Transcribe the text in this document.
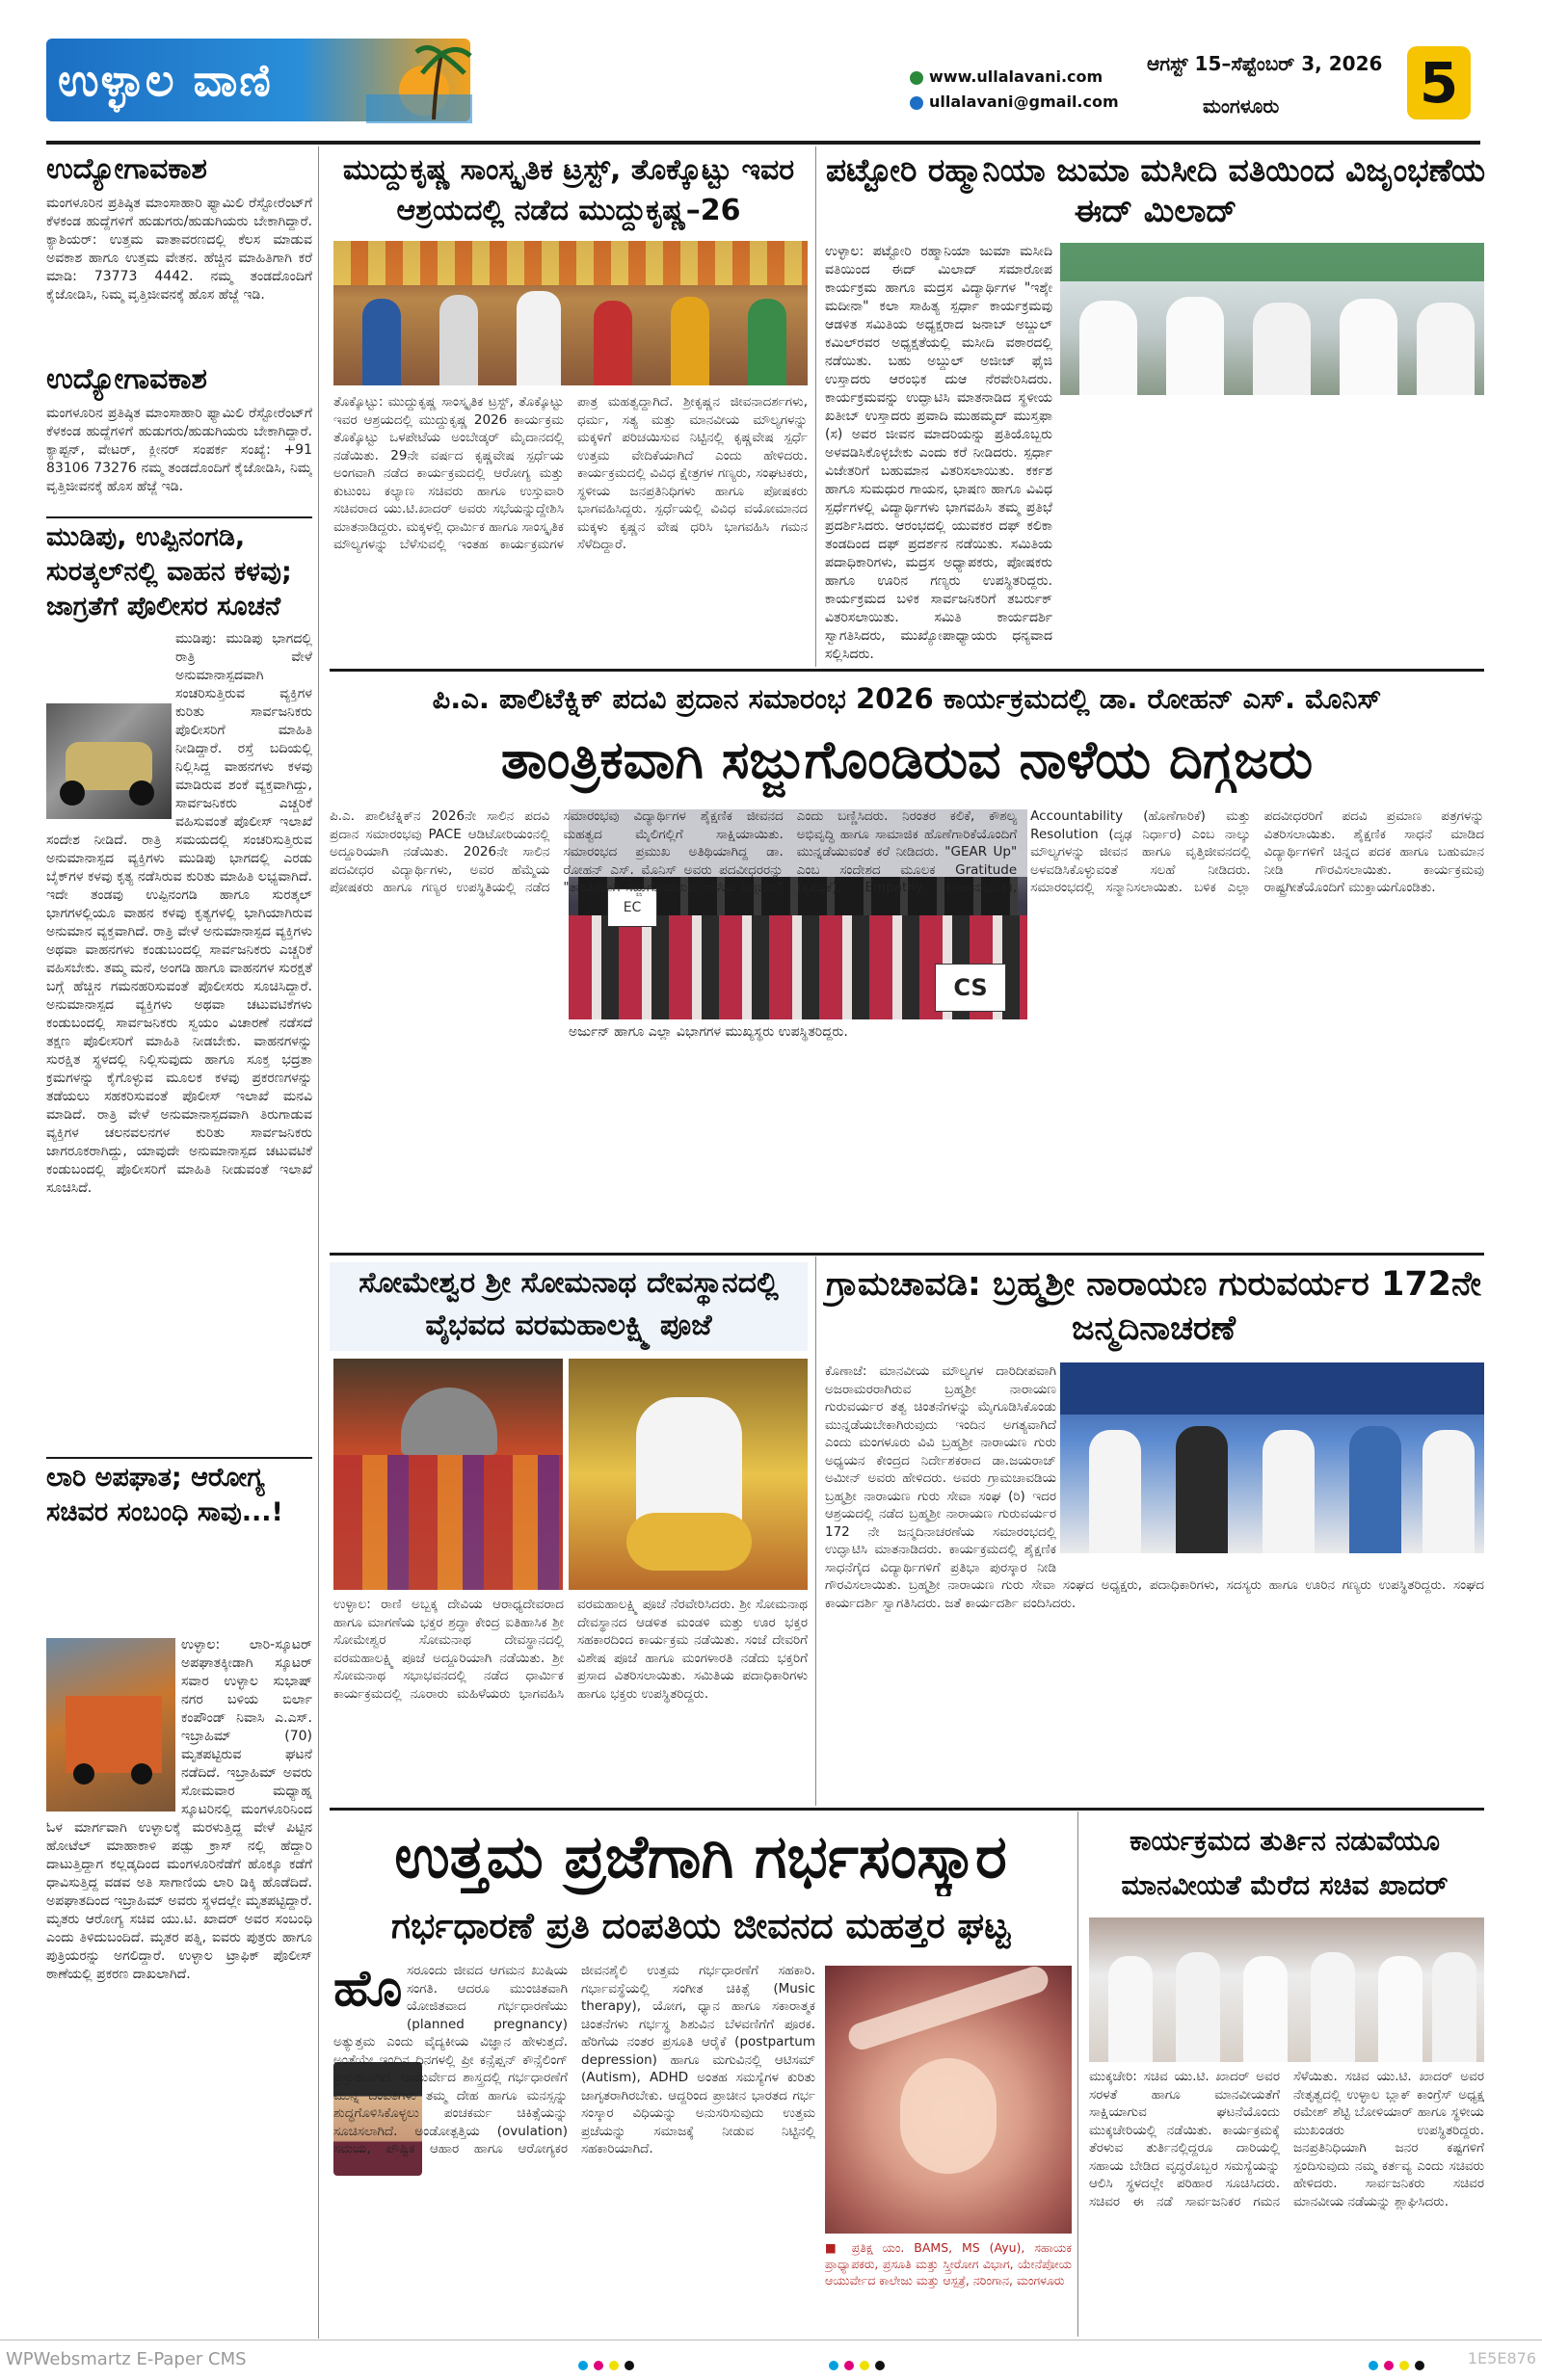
ಉಳ್ಳಾಲ ವಾಣಿ	www.ullalavani.com
ullalavani@gmail.com
ಆಗಸ್ಟ್ 15–ಸೆಪ್ಟೆಂಬರ್ 3, 2026
ಮಂಗಳೂರು	5
ಉದ್ಯೋಗಾವಕಾಶ
ಮಂಗಳೂರಿನ ಪ್ರತಿಷ್ಠಿತ ಮಾಂಸಾಹಾರಿ ಫ್ಯಾಮಿಲಿ ರೆಸ್ಟೋರೆಂಟ್‌ಗೆ ಕೆಳಕಂಡ ಹುದ್ದೆಗಳಿಗೆ ಹುಡುಗರು/ಹುಡುಗಿಯರು ಬೇಕಾಗಿದ್ದಾರೆ. ಕ್ಯಾಶಿಯರ್: ಉತ್ತಮ ವಾತಾವರಣದಲ್ಲಿ ಕೆಲಸ ಮಾಡುವ ಅವಕಾಶ ಹಾಗೂ ಉತ್ತಮ ವೇತನ. ಹೆಚ್ಚಿನ ಮಾಹಿತಿಗಾಗಿ ಕರೆ ಮಾಡಿ: 73773 4442. ನಮ್ಮ ತಂಡದೊಂದಿಗೆ ಕೈಜೋಡಿಸಿ, ನಿಮ್ಮ ವೃತ್ತಿಜೀವನಕ್ಕೆ ಹೊಸ ಹೆಜ್ಜೆ ಇಡಿ.
ಉದ್ಯೋಗಾವಕಾಶ
ಮಂಗಳೂರಿನ ಪ್ರತಿಷ್ಠಿತ ಮಾಂಸಾಹಾರಿ ಫ್ಯಾಮಿಲಿ ರೆಸ್ಟೋರೆಂಟ್‌ಗೆ ಕೆಳಕಂಡ ಹುದ್ದೆಗಳಿಗೆ ಹುಡುಗರು/ಹುಡುಗಿಯರು ಬೇಕಾಗಿದ್ದಾರೆ. ಕ್ಯಾಪ್ಟನ್, ವೇಟರ್, ಕ್ಲೀನರ್ ಸಂಪರ್ಕ ಸಂಖ್ಯೆ: +91 83106 73276 ನಮ್ಮ ತಂಡದೊಂದಿಗೆ ಕೈಜೋಡಿಸಿ, ನಿಮ್ಮ ವೃತ್ತಿಜೀವನಕ್ಕೆ ಹೊಸ ಹೆಜ್ಜೆ ಇಡಿ.
ಮುಡಿಪು, ಉಪ್ಪಿನಂಗಡಿ, ಸುರತ್ಕಲ್‌ನಲ್ಲಿ ವಾಹನ ಕಳವು; ಜಾಗ್ರತೆಗೆ ಪೊಲೀಸರ ಸೂಚನೆ
ಮುಡಿಪು: ಮುಡಿಪು ಭಾಗದಲ್ಲಿ ರಾತ್ರಿ ವೇಳೆ ಅನುಮಾನಾಸ್ಪದವಾಗಿ ಸಂಚರಿಸುತ್ತಿರುವ ವ್ಯಕ್ತಿಗಳ ಕುರಿತು ಸಾರ್ವಜನಿಕರು ಪೊಲೀಸರಿಗೆ ಮಾಹಿತಿ ನೀಡಿದ್ದಾರೆ. ರಸ್ತೆ ಬದಿಯಲ್ಲಿ ನಿಲ್ಲಿಸಿದ್ದ ವಾಹನಗಳು ಕಳವು ಮಾಡಿರುವ ಶಂಕೆ ವ್ಯಕ್ತವಾಗಿದ್ದು, ಸಾರ್ವಜನಿಕರು ಎಚ್ಚರಿಕೆ ವಹಿಸುವಂತೆ ಪೊಲೀಸ್ ಇಲಾಖೆ ಸಂದೇಶ ನೀಡಿದೆ. ರಾತ್ರಿ ಸಮಯದಲ್ಲಿ ಸಂಚರಿಸುತ್ತಿರುವ ಅನುಮಾನಾಸ್ಪದ ವ್ಯಕ್ತಿಗಳು ಮುಡಿಪು ಭಾಗದಲ್ಲಿ ಎರಡು ಬೈಕ್‌ಗಳ ಕಳವು ಕೃತ್ಯ ನಡೆಸಿರುವ ಕುರಿತು ಮಾಹಿತಿ ಲಭ್ಯವಾಗಿದೆ. ಇದೇ ತಂಡವು ಉಪ್ಪಿನಂಗಡಿ ಹಾಗೂ ಸುರತ್ಕಲ್ ಭಾಗಗಳಲ್ಲಿಯೂ ವಾಹನ ಕಳವು ಕೃತ್ಯಗಳಲ್ಲಿ ಭಾಗಿಯಾಗಿರುವ ಅನುಮಾನ ವ್ಯಕ್ತವಾಗಿದೆ. ರಾತ್ರಿ ವೇಳೆ ಅನುಮಾನಾಸ್ಪದ ವ್ಯಕ್ತಿಗಳು ಅಥವಾ ವಾಹನಗಳು ಕಂಡುಬಂದಲ್ಲಿ ಸಾರ್ವಜನಿಕರು ಎಚ್ಚರಿಕೆ ವಹಿಸಬೇಕು. ತಮ್ಮ ಮನೆ, ಅಂಗಡಿ ಹಾಗೂ ವಾಹನಗಳ ಸುರಕ್ಷತೆ ಬಗ್ಗೆ ಹೆಚ್ಚಿನ ಗಮನಹರಿಸುವಂತೆ ಪೊಲೀಸರು ಸೂಚಿಸಿದ್ದಾರೆ. ಅನುಮಾನಾಸ್ಪದ ವ್ಯಕ್ತಿಗಳು ಅಥವಾ ಚಟುವಟಿಕೆಗಳು ಕಂಡುಬಂದಲ್ಲಿ ಸಾರ್ವಜನಿಕರು ಸ್ವಯಂ ವಿಚಾರಣೆ ನಡೆಸದೆ ತಕ್ಷಣ ಪೊಲೀಸರಿಗೆ ಮಾಹಿತಿ ನೀಡಬೇಕು. ವಾಹನಗಳನ್ನು ಸುರಕ್ಷಿತ ಸ್ಥಳದಲ್ಲಿ ನಿಲ್ಲಿಸುವುದು ಹಾಗೂ ಸೂಕ್ತ ಭದ್ರತಾ ಕ್ರಮಗಳನ್ನು ಕೈಗೊಳ್ಳುವ ಮೂಲಕ ಕಳವು ಪ್ರಕರಣಗಳನ್ನು ತಡೆಯಲು ಸಹಕರಿಸುವಂತೆ ಪೊಲೀಸ್ ಇಲಾಖೆ ಮನವಿ ಮಾಡಿದೆ. ರಾತ್ರಿ ವೇಳೆ ಅನುಮಾನಾಸ್ಪದವಾಗಿ ತಿರುಗಾಡುವ ವ್ಯಕ್ತಿಗಳ ಚಲನವಲನಗಳ ಕುರಿತು ಸಾರ್ವಜನಿಕರು ಜಾಗರೂಕರಾಗಿದ್ದು, ಯಾವುದೇ ಅನುಮಾನಾಸ್ಪದ ಚಟುವಟಿಕೆ ಕಂಡುಬಂದಲ್ಲಿ ಪೊಲೀಸರಿಗೆ ಮಾಹಿತಿ ನೀಡುವಂತೆ ಇಲಾಖೆ ಸೂಚಿಸಿದೆ.
ಲಾರಿ ಅಪಘಾತ; ಆರೋಗ್ಯ ಸಚಿವರ ಸಂಬಂಧಿ ಸಾವು...!
ಉಳ್ಳಾಲ: ಲಾರಿ-ಸ್ಕೂಟರ್ ಅಪಘಾತಕ್ಕೀಡಾಗಿ ಸ್ಕೂಟರ್ ಸವಾರ ಉಳ್ಳಾಲ ಸುಭಾಷ್ ನಗರ ಬಳಿಯ ಬಿರ್ಲಾ ಕಂಪೌಂಡ್ ನಿವಾಸಿ ಎ.ಎಸ್. ಇಬ್ರಾಹಿಮ್ (70) ಮೃತಪಟ್ಟಿರುವ ಘಟನೆ ನಡೆದಿದೆ. ಇಬ್ರಾಹಿಮ್ ಅವರು ಸೋಮವಾರ ಮಧ್ಯಾಹ್ನ ಸ್ಕೂಟರಿನಲ್ಲಿ ಮಂಗಳೂರಿನಿಂದ ಓಳ ಮಾರ್ಗವಾಗಿ ಉಳ್ಳಾಲಕ್ಕೆ ಮರಳುತ್ತಿದ್ದ ವೇಳೆ ಪಿಟ್ಟಿನ ಹೋಟೆಲ್ ಮಾಹಾಕಾಳಿ ಪಡ್ಪು ಕ್ರಾಸ್ ನಲ್ಲಿ ಹೆದ್ದಾರಿ ದಾಟುತ್ತಿದ್ದಾಗ ಕಲ್ಲಡ್ಕದಿಂದ ಮಂಗಳೂರಿನೆಡೆಗೆ ಹೊಕ್ಕೂ ಕಡೆಗೆ ಧಾವಿಸುತ್ತಿದ್ದ ವಡವ ಅತಿ ಸಾಗಾಣಿಯ ಲಾರಿ ಡಿಕ್ಕಿ ಹೊಡೆದಿದೆ. ಅಪಘಾತದಿಂದ ಇಬ್ರಾಹಿಮ್ ಅವರು ಸ್ಥಳದಲ್ಲೇ ಮೃತಪಟ್ಟಿದ್ದಾರೆ. ಮೃತರು ಆರೋಗ್ಯ ಸಚಿವ ಯು.ಟಿ. ಖಾದರ್ ಅವರ ಸಂಬಂಧಿ ಎಂದು ತಿಳಿದುಬಂದಿದೆ. ಮೃತರ ಪತ್ನಿ, ಐವರು ಪುತ್ರರು ಹಾಗೂ ಪುತ್ರಿಯರನ್ನು ಅಗಲಿದ್ದಾರೆ. ಉಳ್ಳಾಲ ಟ್ರಾಫಿಕ್ ಪೊಲೀಸ್ ಠಾಣೆಯಲ್ಲಿ ಪ್ರಕರಣ ದಾಖಲಾಗಿದೆ.
ಮುದ್ದುಕೃಷ್ಣ ಸಾಂಸ್ಕೃತಿಕ ಟ್ರಸ್ಟ್, ತೊಕ್ಕೊಟ್ಟು ಇವರ ಆಶ್ರಯದಲ್ಲಿ ನಡೆದ ಮುದ್ದುಕೃಷ್ಣ–26
ತೊಕ್ಕೊಟ್ಟು: ಮುದ್ದುಕೃಷ್ಣ ಸಾಂಸ್ಕೃತಿಕ ಟ್ರಸ್ಟ್, ತೊಕ್ಕೊಟ್ಟು ಇವರ ಆಶ್ರಯದಲ್ಲಿ ಮುದ್ದುಕೃಷ್ಣ 2026 ಕಾರ್ಯಕ್ರಮ ತೊಕ್ಕೊಟ್ಟು ಒಳಪೇಟೆಯ ಅಂಬೇಡ್ಕರ್ ಮೈದಾನದಲ್ಲಿ ನಡೆಯಿತು. 29ನೇ ವರ್ಷದ ಕೃಷ್ಣವೇಷ ಸ್ಪರ್ಧೆಯ ಅಂಗವಾಗಿ ನಡೆದ ಕಾರ್ಯಕ್ರಮದಲ್ಲಿ ಆರೋಗ್ಯ ಮತ್ತು ಕುಟುಂಬ ಕಲ್ಯಾಣ ಸಚಿವರು ಹಾಗೂ ಉಸ್ತುವಾರಿ ಸಚಿವರಾದ ಯು.ಟಿ.ಖಾದರ್ ಅವರು ಸಭೆಯನ್ನುದ್ದೇಶಿಸಿ ಮಾತನಾಡಿದ್ದರು. ಮಕ್ಕಳಲ್ಲಿ ಧಾರ್ಮಿಕ ಹಾಗೂ ಸಾಂಸ್ಕೃತಿಕ ಮೌಲ್ಯಗಳನ್ನು ಬೆಳೆಸುವಲ್ಲಿ ಇಂತಹ ಕಾರ್ಯಕ್ರಮಗಳ ಪಾತ್ರ ಮಹತ್ವದ್ದಾಗಿದೆ. ಶ್ರೀಕೃಷ್ಣನ ಜೀವನಾದರ್ಶಗಳು, ಧರ್ಮ, ಸತ್ಯ ಮತ್ತು ಮಾನವೀಯ ಮೌಲ್ಯಗಳನ್ನು ಮಕ್ಕಳಿಗೆ ಪರಿಚಯಿಸುವ ನಿಟ್ಟಿನಲ್ಲಿ ಕೃಷ್ಣವೇಷ ಸ್ಪರ್ಧೆ ಉತ್ತಮ ವೇದಿಕೆಯಾಗಿದೆ ಎಂದು ಹೇಳಿದರು. ಕಾರ್ಯಕ್ರಮದಲ್ಲಿ ವಿವಿಧ ಕ್ಷೇತ್ರಗಳ ಗಣ್ಯರು, ಸಂಘಟಕರು, ಸ್ಥಳೀಯ ಜನಪ್ರತಿನಿಧಿಗಳು ಹಾಗೂ ಪೋಷಕರು ಭಾಗವಹಿಸಿದ್ದರು. ಸ್ಪರ್ಧೆಯಲ್ಲಿ ವಿವಿಧ ವಯೋಮಾನದ ಮಕ್ಕಳು ಕೃಷ್ಣನ ವೇಷ ಧರಿಸಿ ಭಾಗವಹಿಸಿ ಗಮನ ಸೆಳೆದಿದ್ದಾರೆ.
ಪಟ್ಟೋರಿ ರಹ್ಮಾನಿಯಾ ಜುಮಾ ಮಸೀದಿ ವತಿಯಿಂದ ವಿಜೃಂಭಣೆಯ ಈದ್ ಮಿಲಾದ್
ಉಳ್ಳಾಲ: ಪಟ್ಟೋರಿ ರಹ್ಮಾನಿಯಾ ಜುಮಾ ಮಸೀದಿ ವತಿಯಿಂದ ಈದ್ ಮಿಲಾದ್ ಸಮಾರೋಪ ಕಾರ್ಯಕ್ರಮ ಹಾಗೂ ಮದ್ರಸ ವಿದ್ಯಾರ್ಥಿಗಳ "ಇಶ್ಕೇ ಮದೀನಾ" ಕಲಾ ಸಾಹಿತ್ಯ ಸ್ಪರ್ಧಾ ಕಾರ್ಯಕ್ರಮವು ಆಡಳಿತ ಸಮಿತಿಯ ಅಧ್ಯಕ್ಷರಾದ ಜನಾಬ್ ಅಬ್ದುಲ್ ಕಮಿಲ್‌ರವರ ಅಧ್ಯಕ್ಷತೆಯಲ್ಲಿ ಮಸೀದಿ ವಠಾರದಲ್ಲಿ ನಡೆಯಿತು. ಬಹು ಅಬ್ದುಲ್ ಅಜೀಜ್ ಫೈಜಿ ಉಸ್ತಾದರು ಆರಂಭಿಕ ದುಆ ನೆರವೇರಿಸಿದರು. ಕಾರ್ಯಕ್ರಮವನ್ನು ಉದ್ಘಾಟಿಸಿ ಮಾತನಾಡಿದ ಸ್ಥಳೀಯ ಖತೀಬ್ ಉಸ್ತಾದರು ಪ್ರವಾದಿ ಮುಹಮ್ಮದ್ ಮುಸ್ತಫಾ (ಸ) ಅವರ ಜೀವನ ಮಾದರಿಯನ್ನು ಪ್ರತಿಯೊಬ್ಬರು ಅಳವಡಿಸಿಕೊಳ್ಳಬೇಕು ಎಂದು ಕರೆ ನೀಡಿದರು. ಸ್ಪರ್ಧಾ ವಿಜೇತರಿಗೆ ಬಹುಮಾನ ವಿತರಿಸಲಾಯಿತು. ಕರ್ಕಶ ಹಾಗೂ ಸುಮಧುರ ಗಾಯನ, ಭಾಷಣ ಹಾಗೂ ವಿವಿಧ ಸ್ಪರ್ಧೆಗಳಲ್ಲಿ ವಿದ್ಯಾರ್ಥಿಗಳು ಭಾಗವಹಿಸಿ ತಮ್ಮ ಪ್ರತಿಭೆ ಪ್ರದರ್ಶಿಸಿದರು. ಆರಂಭದಲ್ಲಿ ಯುವಕರ ದಫ್ ಕಲಿಕಾ ತಂಡದಿಂದ ದಫ್ ಪ್ರದರ್ಶನ ನಡೆಯಿತು. ಸಮಿತಿಯ ಪದಾಧಿಕಾರಿಗಳು, ಮದ್ರಸ ಅಧ್ಯಾಪಕರು, ಪೋಷಕರು ಹಾಗೂ ಊರಿನ ಗಣ್ಯರು ಉಪಸ್ಥಿತರಿದ್ದರು. ಕಾರ್ಯಕ್ರಮದ ಬಳಿಕ ಸಾರ್ವಜನಿಕರಿಗೆ ತಬರ್ರುಕ್ ವಿತರಿಸಲಾಯಿತು. ಸಮಿತಿ ಕಾರ್ಯದರ್ಶಿ ಸ್ವಾಗತಿಸಿದರು, ಮುಖ್ಯೋಪಾಧ್ಯಾಯರು ಧನ್ಯವಾದ ಸಲ್ಲಿಸಿದರು.
ಪಿ.ಎ. ಪಾಲಿಟೆಕ್ನಿಕ್ ಪದವಿ ಪ್ರದಾನ ಸಮಾರಂಭ 2026 ಕಾರ್ಯಕ್ರಮದಲ್ಲಿ ಡಾ. ರೋಹನ್ ಎಸ್. ಮೊನಿಸ್
ತಾಂತ್ರಿಕವಾಗಿ ಸಜ್ಜುಗೊಂಡಿರುವ ನಾಳೆಯ ದಿಗ್ಗಜರು
EC
CS
ಅರ್ಜುನ್ ಹಾಗೂ ಎಲ್ಲಾ ವಿಭಾಗಗಳ ಮುಖ್ಯಸ್ಥರು ಉಪಸ್ಥಿತರಿದ್ದರು.
ಪಿ.ಎ. ಪಾಲಿಟೆಕ್ನಿಕ್‌ನ 2026ನೇ ಸಾಲಿನ ಪದವಿ ಪ್ರದಾನ ಸಮಾರಂಭವು PACE ಆಡಿಟೋರಿಯಂನಲ್ಲಿ ಅದ್ದೂರಿಯಾಗಿ ನಡೆಯಿತು. 2026ನೇ ಸಾಲಿನ ಪದವೀಧರ ವಿದ್ಯಾರ್ಥಿಗಳು, ಅವರ ಹೆಮ್ಮೆಯ ಪೋಷಕರು ಹಾಗೂ ಗಣ್ಯರ ಉಪಸ್ಥಿತಿಯಲ್ಲಿ ನಡೆದ ಸಮಾರಂಭವು ವಿದ್ಯಾರ್ಥಿಗಳ ಶೈಕ್ಷಣಿಕ ಜೀವನದ ಮಹತ್ವದ ಮೈಲಿಗಲ್ಲಿಗೆ ಸಾಕ್ಷಿಯಾಯಿತು. ಸಮಾರಂಭದ ಪ್ರಮುಖ ಅತಿಥಿಯಾಗಿದ್ದ ಡಾ. ರೋಹನ್ ಎಸ್. ಮೊನಿಸ್ ಅವರು ಪದವೀಧರರನ್ನು "ತಾಂತ್ರಿಕವಾಗಿ ಸಜ್ಜುಗೊಂಡಿರುವ ನಾಳೆಯ ದಿಗ್ಗಜರು" ಎಂದು ಬಣ್ಣಿಸಿದರು. ನಿರಂತರ ಕಲಿಕೆ, ಕೌಶಲ್ಯ ಅಭಿವೃದ್ಧಿ ಹಾಗೂ ಸಾಮಾಜಿಕ ಹೊಣೆಗಾರಿಕೆಯೊಂದಿಗೆ ಮುನ್ನಡೆಯುವಂತೆ ಕರೆ ನೀಡಿದರು. "GEAR Up" ಎಂಬ ಸಂದೇಶದ ಮೂಲಕ Gratitude (ಕೃತಜ್ಞತೆ), Empathy (ಸಹಾನುಭೂತಿ), Accountability (ಹೊಣೆಗಾರಿಕೆ) ಮತ್ತು Resolution (ದೃಢ ನಿರ್ಧಾರ) ಎಂಬ ನಾಲ್ಕು ಮೌಲ್ಯಗಳನ್ನು ಜೀವನ ಹಾಗೂ ವೃತ್ತಿಜೀವನದಲ್ಲಿ ಅಳವಡಿಸಿಕೊಳ್ಳುವಂತೆ ಸಲಹೆ ನೀಡಿದರು. ಸಮಾರಂಭದಲ್ಲಿ ಸನ್ಮಾನಿಸಲಾಯಿತು. ಬಳಿಕ ಎಲ್ಲಾ ಪದವೀಧರರಿಗೆ ಪದವಿ ಪ್ರಮಾಣ ಪತ್ರಗಳನ್ನು ವಿತರಿಸಲಾಯಿತು. ಶೈಕ್ಷಣಿಕ ಸಾಧನೆ ಮಾಡಿದ ವಿದ್ಯಾರ್ಥಿಗಳಿಗೆ ಚಿನ್ನದ ಪದಕ ಹಾಗೂ ಬಹುಮಾನ ನೀಡಿ ಗೌರವಿಸಲಾಯಿತು. ಕಾರ್ಯಕ್ರಮವು ರಾಷ್ಟ್ರಗೀತೆಯೊಂದಿಗೆ ಮುಕ್ತಾಯಗೊಂಡಿತು.
ಸೋಮೇಶ್ವರ ಶ್ರೀ ಸೋಮನಾಥ ದೇವಸ್ಥಾನದಲ್ಲಿ ವೈಭವದ ವರಮಹಾಲಕ್ಷ್ಮಿ ಪೂಜೆ
ಉಳ್ಳಾಲ: ರಾಣಿ ಅಬ್ಬಕ್ಕ ದೇವಿಯ ಆರಾಧ್ಯದೇವರಾದ ಹಾಗೂ ಮಾಗಣೆಯ ಭಕ್ತರ ಶ್ರದ್ಧಾ ಕೇಂದ್ರ ಐತಿಹಾಸಿಕ ಶ್ರೀ ಸೋಮೇಶ್ವರ ಸೋಮನಾಥ ದೇವಸ್ಥಾನದಲ್ಲಿ ವರಮಹಾಲಕ್ಷ್ಮಿ ಪೂಜೆ ಅದ್ದೂರಿಯಾಗಿ ನಡೆಯಿತು. ಶ್ರೀ ಸೋಮನಾಥ ಸಭಾಭವನದಲ್ಲಿ ನಡೆದ ಧಾರ್ಮಿಕ ಕಾರ್ಯಕ್ರಮದಲ್ಲಿ ನೂರಾರು ಮಹಿಳೆಯರು ಭಾಗವಹಿಸಿ ವರಮಹಾಲಕ್ಷ್ಮಿ ಪೂಜೆ ನೆರವೇರಿಸಿದರು. ಶ್ರೀ ಸೋಮನಾಥ ದೇವಸ್ಥಾನದ ಆಡಳಿತ ಮಂಡಳಿ ಮತ್ತು ಊರ ಭಕ್ತರ ಸಹಕಾರದಿಂದ ಕಾರ್ಯಕ್ರಮ ನಡೆಯಿತು. ಸಂಜೆ ದೇವರಿಗೆ ವಿಶೇಷ ಪೂಜೆ ಹಾಗೂ ಮಂಗಳಾರತಿ ನಡೆದು ಭಕ್ತರಿಗೆ ಪ್ರಸಾದ ವಿತರಿಸಲಾಯಿತು. ಸಮಿತಿಯ ಪದಾಧಿಕಾರಿಗಳು ಹಾಗೂ ಭಕ್ತರು ಉಪಸ್ಥಿತರಿದ್ದರು.
ಗ್ರಾಮಚಾವಡಿ: ಬ್ರಹ್ಮಶ್ರೀ ನಾರಾಯಣ ಗುರುವರ್ಯರ 172ನೇ ಜನ್ಮದಿನಾಚರಣೆ
ಕೊಣಾಜೆ: ಮಾನವೀಯ ಮೌಲ್ಯಗಳ ದಾರಿದೀಪವಾಗಿ ಅಜರಾಮರರಾಗಿರುವ ಬ್ರಹ್ಮಶ್ರೀ ನಾರಾಯಣ ಗುರುವರ್ಯರ ತತ್ವ ಚಿಂತನೆಗಳನ್ನು ಮೈಗೂಡಿಸಿಕೊಂಡು ಮುನ್ನಡೆಯಬೇಕಾಗಿರುವುದು ಇಂದಿನ ಅಗತ್ಯವಾಗಿದೆ ಎಂದು ಮಂಗಳೂರು ವಿವಿ ಬ್ರಹ್ಮಶ್ರೀ ನಾರಾಯಣ ಗುರು ಅಧ್ಯಯನ ಕೇಂದ್ರದ ನಿರ್ದೇಶಕರಾದ ಡಾ.ಜಯರಾಜ್ ಅಮೀನ್ ಅವರು ಹೇಳಿದರು. ಅವರು ಗ್ರಾಮಚಾವಡಿಯ ಬ್ರಹ್ಮಶ್ರೀ ನಾರಾಯಣ ಗುರು ಸೇವಾ ಸಂಘ (ರಿ) ಇದರ ಆಶ್ರಯದಲ್ಲಿ ನಡೆದ ಬ್ರಹ್ಮಶ್ರೀ ನಾರಾಯಣ ಗುರುವರ್ಯರ 172 ನೇ ಜನ್ಮದಿನಾಚರಣೆಯ ಸಮಾರಂಭದಲ್ಲಿ ಉದ್ಘಾಟಿಸಿ ಮಾತನಾಡಿದರು. ಕಾರ್ಯಕ್ರಮದಲ್ಲಿ ಶೈಕ್ಷಣಿಕ ಸಾಧನೆಗೈದ ವಿದ್ಯಾರ್ಥಿಗಳಿಗೆ ಪ್ರತಿಭಾ ಪುರಸ್ಕಾರ ನೀಡಿ ಗೌರವಿಸಲಾಯಿತು. ಬ್ರಹ್ಮಶ್ರೀ ನಾರಾಯಣ ಗುರು ಸೇವಾ ಸಂಘದ ಅಧ್ಯಕ್ಷರು, ಪದಾಧಿಕಾರಿಗಳು, ಸದಸ್ಯರು ಹಾಗೂ ಊರಿನ ಗಣ್ಯರು ಉಪಸ್ಥಿತರಿದ್ದರು. ಸಂಘದ ಕಾರ್ಯದರ್ಶಿ ಸ್ವಾಗತಿಸಿದರು. ಜತೆ ಕಾರ್ಯದರ್ಶಿ ವಂದಿಸಿದರು.
ಉತ್ತಮ ಪ್ರಜೆಗಾಗಿ ಗರ್ಭಸಂಸ್ಕಾರ
ಗರ್ಭಧಾರಣೆ ಪ್ರತಿ ದಂಪತಿಯ ಜೀವನದ ಮಹತ್ತರ ಘಟ್ಟ
ಹೊ ಸರೂಂದು ಜೀವದ ಆಗಮನ ಖುಷಿಯ ಸಂಗತಿ. ಆದರೂ ಮುಂಚಿತವಾಗಿ ಯೋಜಿತವಾದ ಗರ್ಭಧಾರಣೆಯು (planned pregnancy) ಅತ್ಯುತ್ತಮ ಎಂದು ವೈದ್ಯಕೀಯ ವಿಜ್ಞಾನ ಹೇಳುತ್ತದೆ. ಅಂತೆಯೇ ಇಂದಿನ ದಿನಗಳಲ್ಲಿ ಪ್ರೀ ಕನ್ಸೆಪ್ಷನ್ ಕೌನ್ಸೆಲಿಂಗ್ ಪ್ರಸ್ತುತವಾಗಿದೆ. ಆಯುರ್ವೇದ ಶಾಸ್ತ್ರದಲ್ಲಿ ಗರ್ಭಧಾರಣೆಗೆ ಮುನ್ನ ದಂಪತಿಗಳು ತಮ್ಮ ದೇಹ ಹಾಗೂ ಮನಸ್ಸನ್ನು ಶುದ್ಧಗೊಳಿಸಿಕೊಳ್ಳಲು ಪಂಚಕರ್ಮ ಚಿಕಿತ್ಸೆಯನ್ನು ಸೂಚಿಸಲಾಗಿದೆ. ಅಂಡೋತ್ಪತ್ತಿಯ (ovulation) ಸಮಯ, ಪೌಷ್ಟಿಕ ಆಹಾರ ಹಾಗೂ ಆರೋಗ್ಯಕರ ಜೀವನಶೈಲಿ ಉತ್ತಮ ಗರ್ಭಧಾರಣೆಗೆ ಸಹಕಾರಿ. ಗರ್ಭಾವಸ್ಥೆಯಲ್ಲಿ ಸಂಗೀತ ಚಿಕಿತ್ಸೆ (Music therapy), ಯೋಗ, ಧ್ಯಾನ ಹಾಗೂ ಸಕಾರಾತ್ಮಕ ಚಿಂತನೆಗಳು ಗರ್ಭಸ್ಥ ಶಿಶುವಿನ ಬೆಳವಣಿಗೆಗೆ ಪೂರಕ. ಹೆರಿಗೆಯ ನಂತರ ಪ್ರಸೂತಿ ಆರೈಕೆ (postpartum depression) ಹಾಗೂ ಮಗುವಿನಲ್ಲಿ ಆಟಿಸಮ್ (Autism), ADHD ಅಂತಹ ಸಮಸ್ಯೆಗಳ ಕುರಿತು ಜಾಗೃತರಾಗಿರಬೇಕು. ಆದ್ದರಿಂದ ಪ್ರಾಚೀನ ಭಾರತದ ಗರ್ಭ ಸಂಸ್ಕಾರ ವಿಧಿಯನ್ನು ಅನುಸರಿಸುವುದು ಉತ್ತಮ ಪ್ರಜೆಯನ್ನು ಸಮಾಜಕ್ಕೆ ನೀಡುವ ನಿಟ್ಟಿನಲ್ಲಿ ಸಹಕಾರಿಯಾಗಿದೆ.
■ ಪ್ರತಿಕ್ಷ ಯಂ. BAMS, MS (Ayu), ಸಹಾಯಕ ಪ್ರಾಧ್ಯಾಪಕರು, ಪ್ರಸೂತಿ ಮತ್ತು ಸ್ತ್ರೀರೋಗ ವಿಭಾಗ, ಯೇನೆಪೋಯ ಆಯುರ್ವೇದ ಕಾಲೇಜು ಮತ್ತು ಆಸ್ಪತ್ರೆ, ನರಿಂಗಾನ, ಮಂಗಳೂರು
ಕಾರ್ಯಕ್ರಮದ ತುರ್ತಿನ ನಡುವೆಯೂ ಮಾನವೀಯತೆ ಮೆರೆದ ಸಚಿವ ಖಾದರ್
ಮುಕ್ಕಚೇರಿ: ಸಚಿವ ಯು.ಟಿ. ಖಾದರ್ ಅವರ ಸರಳತೆ ಹಾಗೂ ಮಾನವೀಯತೆಗೆ ಸಾಕ್ಷಿಯಾಗುವ ಘಟನೆಯೊಂದು ಮುಕ್ಕಚೇರಿಯಲ್ಲಿ ನಡೆಯಿತು. ಕಾರ್ಯಕ್ರಮಕ್ಕೆ ತೆರಳುವ ತುರ್ತಿನಲ್ಲಿದ್ದರೂ ದಾರಿಯಲ್ಲಿ ಸಹಾಯ ಬೇಡಿದ ವೃದ್ಧರೊಬ್ಬರ ಸಮಸ್ಯೆಯನ್ನು ಆಲಿಸಿ ಸ್ಥಳದಲ್ಲೇ ಪರಿಹಾರ ಸೂಚಿಸಿದರು. ಸಚಿವರ ಈ ನಡೆ ಸಾರ್ವಜನಿಕರ ಗಮನ ಸೆಳೆಯಿತು. ಸಚಿವ ಯು.ಟಿ. ಖಾದರ್ ಅವರ ನೇತೃತ್ವದಲ್ಲಿ ಉಳ್ಳಾಲ ಬ್ಲಾಕ್ ಕಾಂಗ್ರೆಸ್ ಅಧ್ಯಕ್ಷ ರಮೇಶ್ ಶೆಟ್ಟಿ ಬೋಳಿಯಾರ್ ಹಾಗೂ ಸ್ಥಳೀಯ ಮುಖಂಡರು ಉಪಸ್ಥಿತರಿದ್ದರು. ಜನಪ್ರತಿನಿಧಿಯಾಗಿ ಜನರ ಕಷ್ಟಗಳಿಗೆ ಸ್ಪಂದಿಸುವುದು ನಮ್ಮ ಕರ್ತವ್ಯ ಎಂದು ಸಚಿವರು ಹೇಳಿದರು. ಸಾರ್ವಜನಿಕರು ಸಚಿವರ ಮಾನವೀಯ ನಡೆಯನ್ನು ಶ್ಲಾಘಿಸಿದರು.
WPWebsmartz E-Paper CMS	1E5E876
